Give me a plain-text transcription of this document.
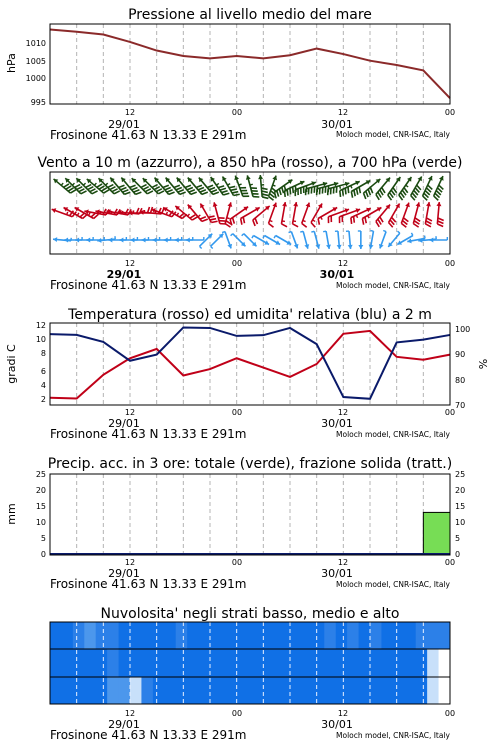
Pressione al livello medio del mare
hPa
995
1000
1005
1010
12	00	12	00
29/01	30/01
Frosinone 41.63 N 13.33 E 291m	Moloch model, CNR-ISAC, Italy
Vento a 10 m (azzurro), a 850 hPa (rosso), a 700 hPa (verde)
12	00	12	00
29/01	30/01
Frosinone 41.63 N 13.33 E 291m	Moloch model, CNR-ISAC, Italy
Temperatura (rosso) ed umidita' relativa (blu) a 2 m
gradi C	%
2
4
6
8
10
12
70
80
90
100
12	00	12	00
29/01	30/01
Frosinone 41.63 N 13.33 E 291m	Moloch model, CNR-ISAC, Italy
Precip. acc. in 3 ore: totale (verde), frazione solida (tratt.)
mm
0	0
5	5
10	10
15	15
20	20
25	25
12	00	12	00
29/01	30/01
Frosinone 41.63 N 13.33 E 291m	Moloch model, CNR-ISAC, Italy
Nuvolosita' negli strati basso, medio e alto
12	00	12	00
29/01	30/01
Frosinone 41.63 N 13.33 E 291m	Moloch model, CNR-ISAC, Italy
